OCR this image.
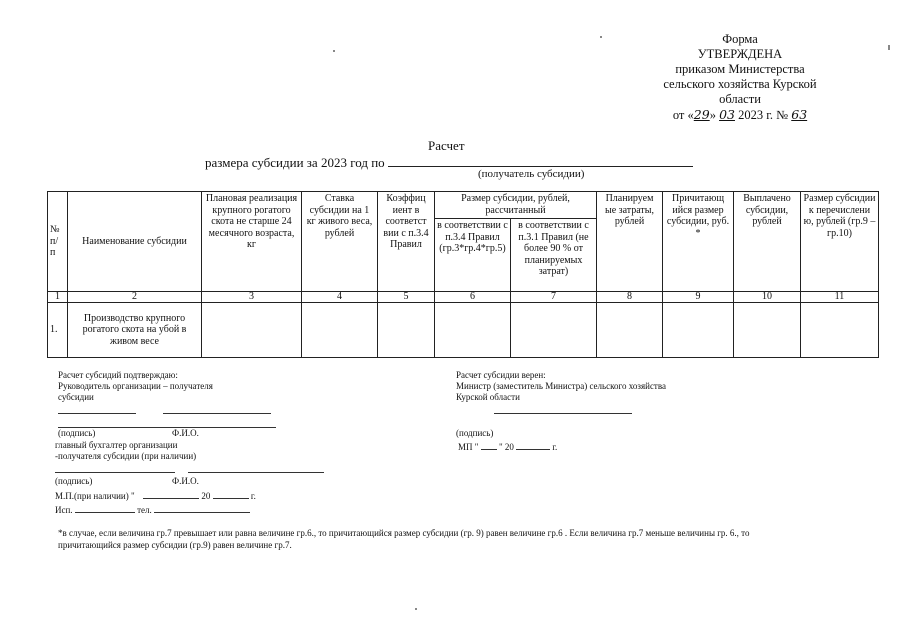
Форма
УТВЕРЖДЕНА
приказом Министерства
сельского хозяйства Курской
области
от «29» 03 2023 г. № 63
Расчет
размера субсидии за 2023 год по
(получатель субсидии)
№ п/ п	Наименование субсидии	Плановая реализация крупного рогатого скота не старше 24 месячного возраста, кг	Ставка субсидии на 1 кг живого веса, рублей	Коэффиц иент в соответст вии с п.3.4 Правил	Размер субсидии, рублей, рассчитанный		Планируем ые затраты, рублей	Причитающ ийся размер субсидии, руб. *	Выплачено субсидии, рублей	Размер субсидии к перечислени ю, рублей (гр.9 – гр.10)
					в соответствии с п.3.4 Правил (гр.3*гр.4*гр.5)	в соответствии с п.3.1 Правил (не более 90 % от планируемых затрат)				
1	2	3	4	5	6	7	8	9	10	11
1.	Производство крупного рогатого скота на убой в живом весе									
Расчет субсидий подтверждаю:
Руководитель организации – получателя
субсидии

(подпись)	Ф.И.О.
главный бухгалтер организации
-получателя субсидии (при наличии)

(подпись)	Ф.И.О.
М.П.(при наличии) "	20	г.
Исп.	тел.
Расчет субсидии верен:
Министр (заместитель Министра) сельского хозяйства
Курской области
(подпись)
МП " " 20	г.
*в случае, если величина гр.7 превышает или равна величине гр.6., то причитающийся размер субсидии (гр. 9) равен величине гр.6 . Если величина гр.7 меньше величины гр. 6., то причитающийся размер субсидии (гр.9) равен величине гр.7.
